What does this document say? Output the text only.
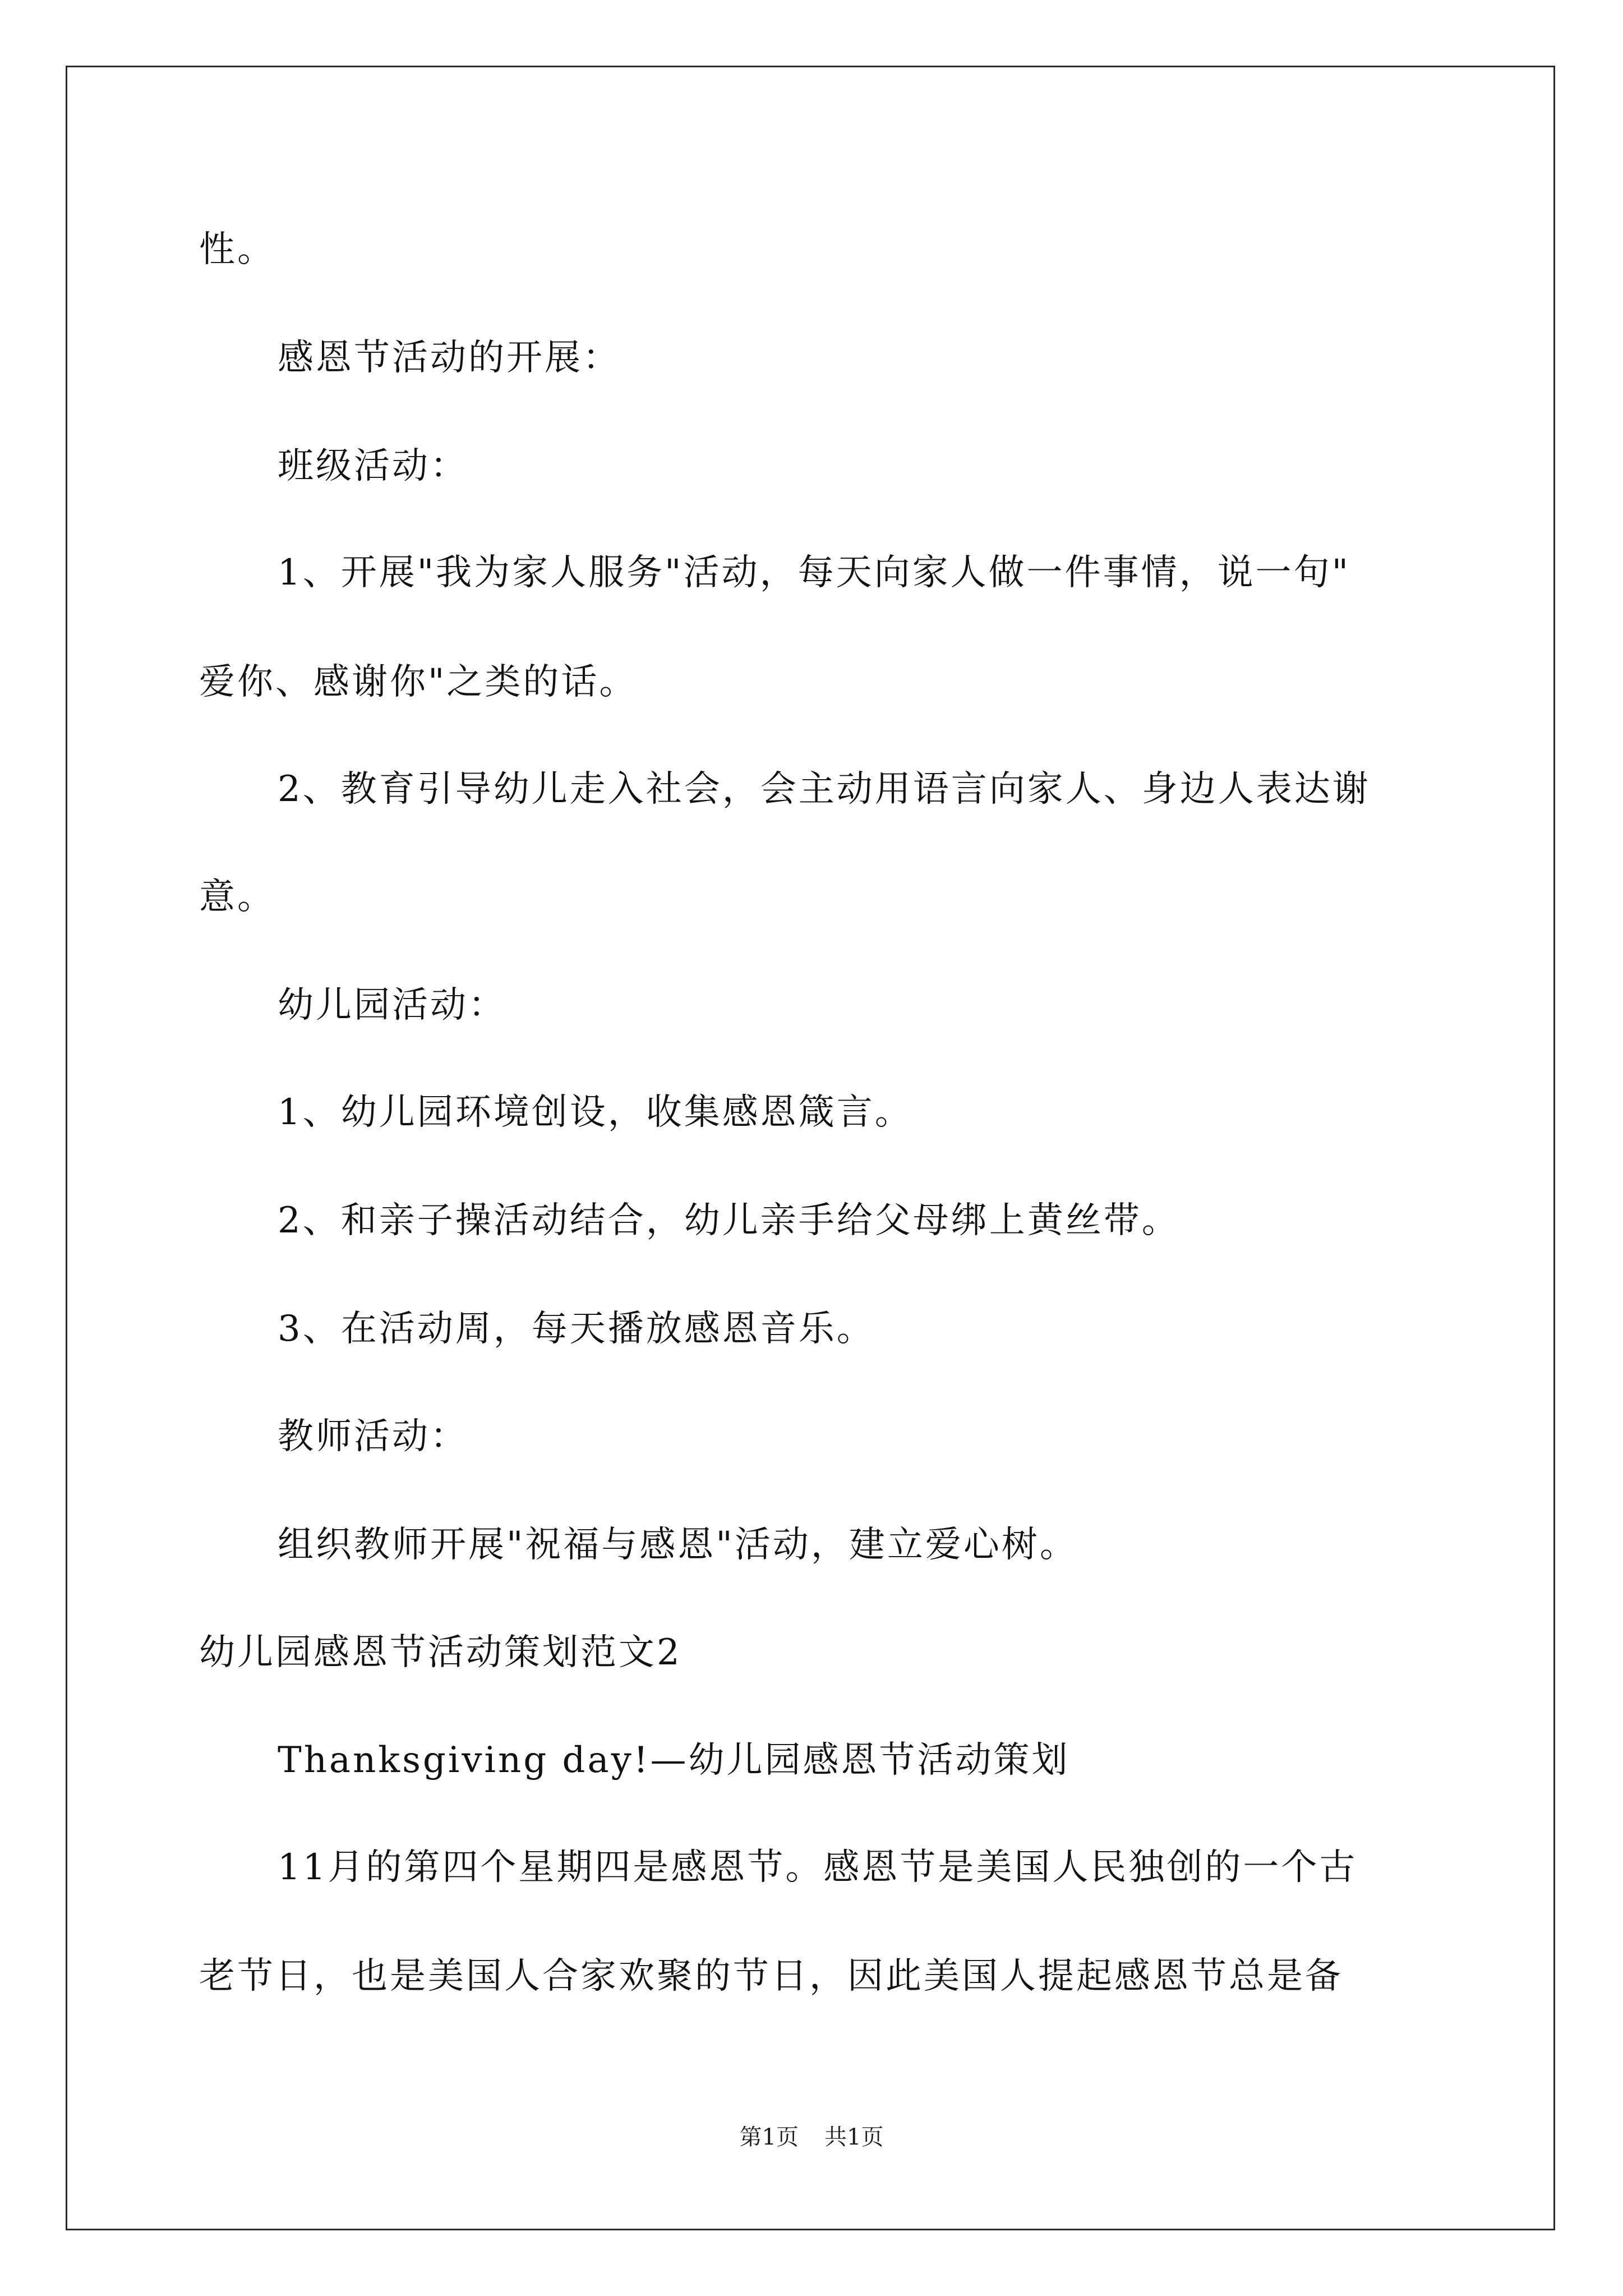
性。
感恩节活动的开展：
班级活动：
1、开展"我为家人服务"活动，每天向家人做一件事情，说一句"
爱你、感谢你"之类的话。
2、教育引导幼儿走入社会，会主动用语言向家人、身边人表达谢
意。
幼儿园活动：
1、幼儿园环境创设，收集感恩箴言。
2、和亲子操活动结合，幼儿亲手给父母绑上黄丝带。
3、在活动周，每天播放感恩音乐。
教师活动：
组织教师开展"祝福与感恩"活动，建立爱心树。
幼儿园感恩节活动策划范文2
Thanksgiving day!—幼儿园感恩节活动策划
11月的第四个星期四是感恩节。感恩节是美国人民独创的一个古
老节日，也是美国人合家欢聚的节日，因此美国人提起感恩节总是备
第1页 共1页
